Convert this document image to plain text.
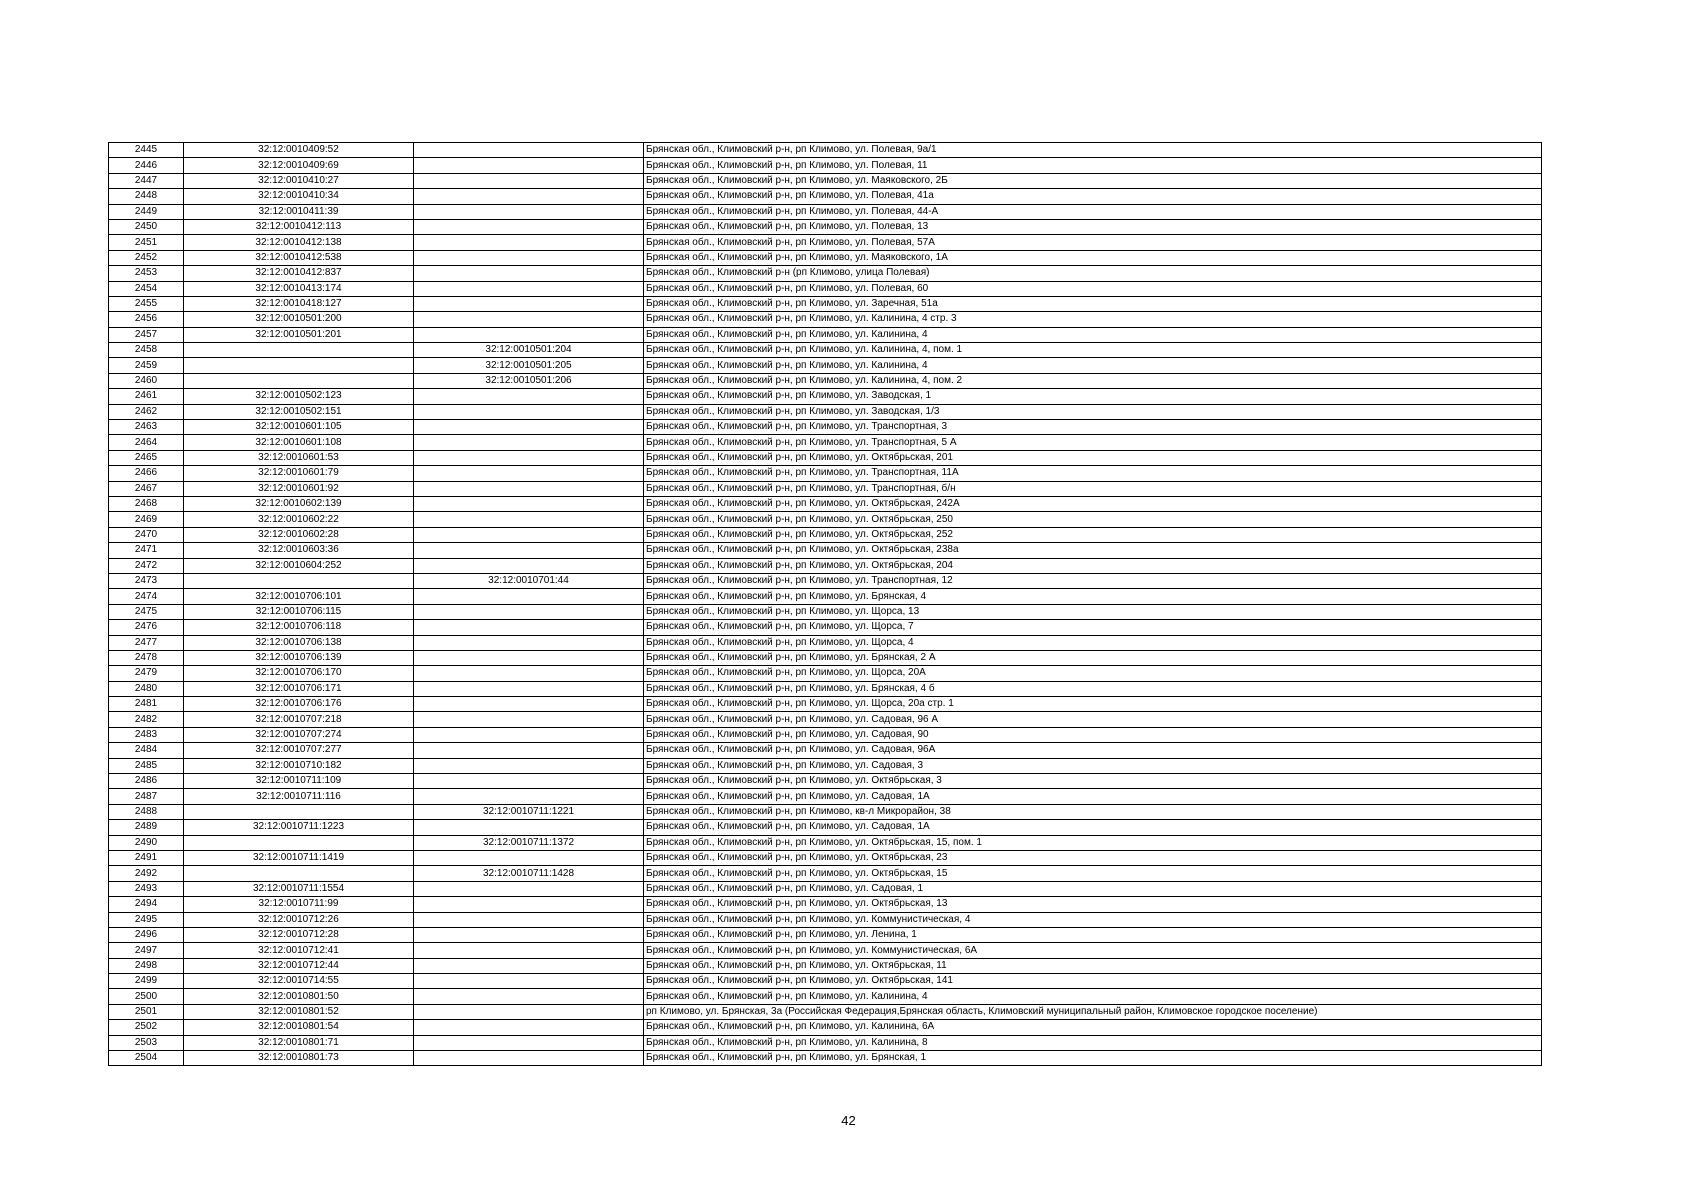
2445	32:12:0010409:52		Брянская обл., Климовский р-н, рп Климово, ул. Полевая, 9а/1
2446	32:12:0010409:69		Брянская обл., Климовский р-н, рп Климово, ул. Полевая, 11
2447	32:12:0010410:27		Брянская обл., Климовский р-н, рп Климово, ул. Маяковского, 2Б
2448	32:12:0010410:34		Брянская обл., Климовский р-н, рп Климово, ул. Полевая, 41а
2449	32:12:0010411:39		Брянская обл., Климовский р-н, рп Климово, ул. Полевая, 44-А
2450	32:12:0010412:113		Брянская обл., Климовский р-н, рп Климово, ул. Полевая, 13
2451	32:12:0010412:138		Брянская обл., Климовский р-н, рп Климово, ул. Полевая, 57А
2452	32:12:0010412:538		Брянская обл., Климовский р-н, рп Климово, ул. Маяковского, 1А
2453	32:12:0010412:837		Брянская обл., Климовский р-н (рп Климово, улица Полевая)
2454	32:12:0010413:174		Брянская обл., Климовский р-н, рп Климово, ул. Полевая, 60
2455	32:12:0010418:127		Брянская обл., Климовский р-н, рп Климово, ул. Заречная, 51а
2456	32:12:0010501:200		Брянская обл., Климовский р-н, рп Климово, ул. Калинина, 4 стр. 3
2457	32:12:0010501:201		Брянская обл., Климовский р-н, рп Климово, ул. Калинина, 4
2458		32:12:0010501:204	Брянская обл., Климовский р-н, рп Климово, ул. Калинина, 4, пом. 1
2459		32:12:0010501:205	Брянская обл., Климовский р-н, рп Климово, ул. Калинина, 4
2460		32:12:0010501:206	Брянская обл., Климовский р-н, рп Климово, ул. Калинина, 4, пом. 2
2461	32:12:0010502:123		Брянская обл., Климовский р-н, рп Климово, ул. Заводская, 1
2462	32:12:0010502:151		Брянская обл., Климовский р-н, рп Климово, ул. Заводская, 1/3
2463	32:12:0010601:105		Брянская обл., Климовский р-н, рп Климово, ул. Транспортная, 3
2464	32:12:0010601:108		Брянская обл., Климовский р-н, рп Климово, ул. Транспортная, 5 А
2465	32:12:0010601:53		Брянская обл., Климовский р-н, рп Климово, ул. Октябрьская, 201
2466	32:12:0010601:79		Брянская обл., Климовский р-н, рп Климово, ул. Транспортная, 11А
2467	32:12:0010601:92		Брянская обл., Климовский р-н, рп Климово, ул. Транспортная, б/н
2468	32:12:0010602:139		Брянская обл., Климовский р-н, рп Климово, ул. Октябрьская, 242А
2469	32:12:0010602:22		Брянская обл., Климовский р-н, рп Климово, ул. Октябрьская, 250
2470	32:12:0010602:28		Брянская обл., Климовский р-н, рп Климово, ул. Октябрьская, 252
2471	32:12:0010603:36		Брянская обл., Климовский р-н, рп Климово, ул. Октябрьская, 238а
2472	32:12:0010604:252		Брянская обл., Климовский р-н, рп Климово, ул. Октябрьская, 204
2473		32:12:0010701:44	Брянская обл., Климовский р-н, рп Климово, ул. Транспортная, 12
2474	32:12:0010706:101		Брянская обл., Климовский р-н, рп Климово, ул. Брянская, 4
2475	32:12:0010706:115		Брянская обл., Климовский р-н, рп Климово, ул. Щорса, 13
2476	32:12:0010706:118		Брянская обл., Климовский р-н, рп Климово, ул. Щорса, 7
2477	32:12:0010706:138		Брянская обл., Климовский р-н, рп Климово, ул. Щорса, 4
2478	32:12:0010706:139		Брянская обл., Климовский р-н, рп Климово, ул. Брянская, 2 А
2479	32:12:0010706:170		Брянская обл., Климовский р-н, рп Климово, ул. Щорса, 20А
2480	32:12:0010706:171		Брянская обл., Климовский р-н, рп Климово, ул. Брянская, 4 б
2481	32:12:0010706:176		Брянская обл., Климовский р-н, рп Климово, ул. Щорса, 20а стр. 1
2482	32:12:0010707:218		Брянская обл., Климовский р-н, рп Климово, ул. Садовая, 96 А
2483	32:12:0010707:274		Брянская обл., Климовский р-н, рп Климово, ул. Садовая, 90
2484	32:12:0010707:277		Брянская обл., Климовский р-н, рп Климово, ул. Садовая, 96А
2485	32:12:0010710:182		Брянская обл., Климовский р-н, рп Климово, ул. Садовая, 3
2486	32:12:0010711:109		Брянская обл., Климовский р-н, рп Климово, ул. Октябрьская, 3
2487	32:12:0010711:116		Брянская обл., Климовский р-н, рп Климово, ул. Садовая, 1А
2488		32:12:0010711:1221	Брянская обл., Климовский р-н, рп Климово, кв-л Микрорайон, 38
2489	32:12:0010711:1223		Брянская обл., Климовский р-н, рп Климово, ул. Садовая, 1А
2490		32:12:0010711:1372	Брянская обл., Климовский р-н, рп Климово, ул. Октябрьская, 15, пом. 1
2491	32:12:0010711:1419		Брянская обл., Климовский р-н, рп Климово, ул. Октябрьская, 23
2492		32:12:0010711:1428	Брянская обл., Климовский р-н, рп Климово, ул. Октябрьская, 15
2493	32:12:0010711:1554		Брянская обл., Климовский р-н, рп Климово, ул. Садовая, 1
2494	32:12:0010711:99		Брянская обл., Климовский р-н, рп Климово, ул. Октябрьская, 13
2495	32:12:0010712:26		Брянская обл., Климовский р-н, рп Климово, ул. Коммунистическая, 4
2496	32:12:0010712:28		Брянская обл., Климовский р-н, рп Климово, ул. Ленина, 1
2497	32:12:0010712:41		Брянская обл., Климовский р-н, рп Климово, ул. Коммунистическая, 6А
2498	32:12:0010712:44		Брянская обл., Климовский р-н, рп Климово, ул. Октябрьская, 11
2499	32:12:0010714:55		Брянская обл., Климовский р-н, рп Климово, ул. Октябрьская, 141
2500	32:12:0010801:50		Брянская обл., Климовский р-н, рп Климово, ул. Калинина, 4
2501	32:12:0010801:52		рп Климово, ул. Брянская, 3а (Российская Федерация,Брянская область, Климовский муниципальный район, Климовское городское поселение)
2502	32:12:0010801:54		Брянская обл., Климовский р-н, рп Климово, ул. Калинина, 6А
2503	32:12:0010801:71		Брянская обл., Климовский р-н, рп Климово, ул. Калинина, 8
2504	32:12:0010801:73		Брянская обл., Климовский р-н, рп Климово, ул. Брянская, 1
42
